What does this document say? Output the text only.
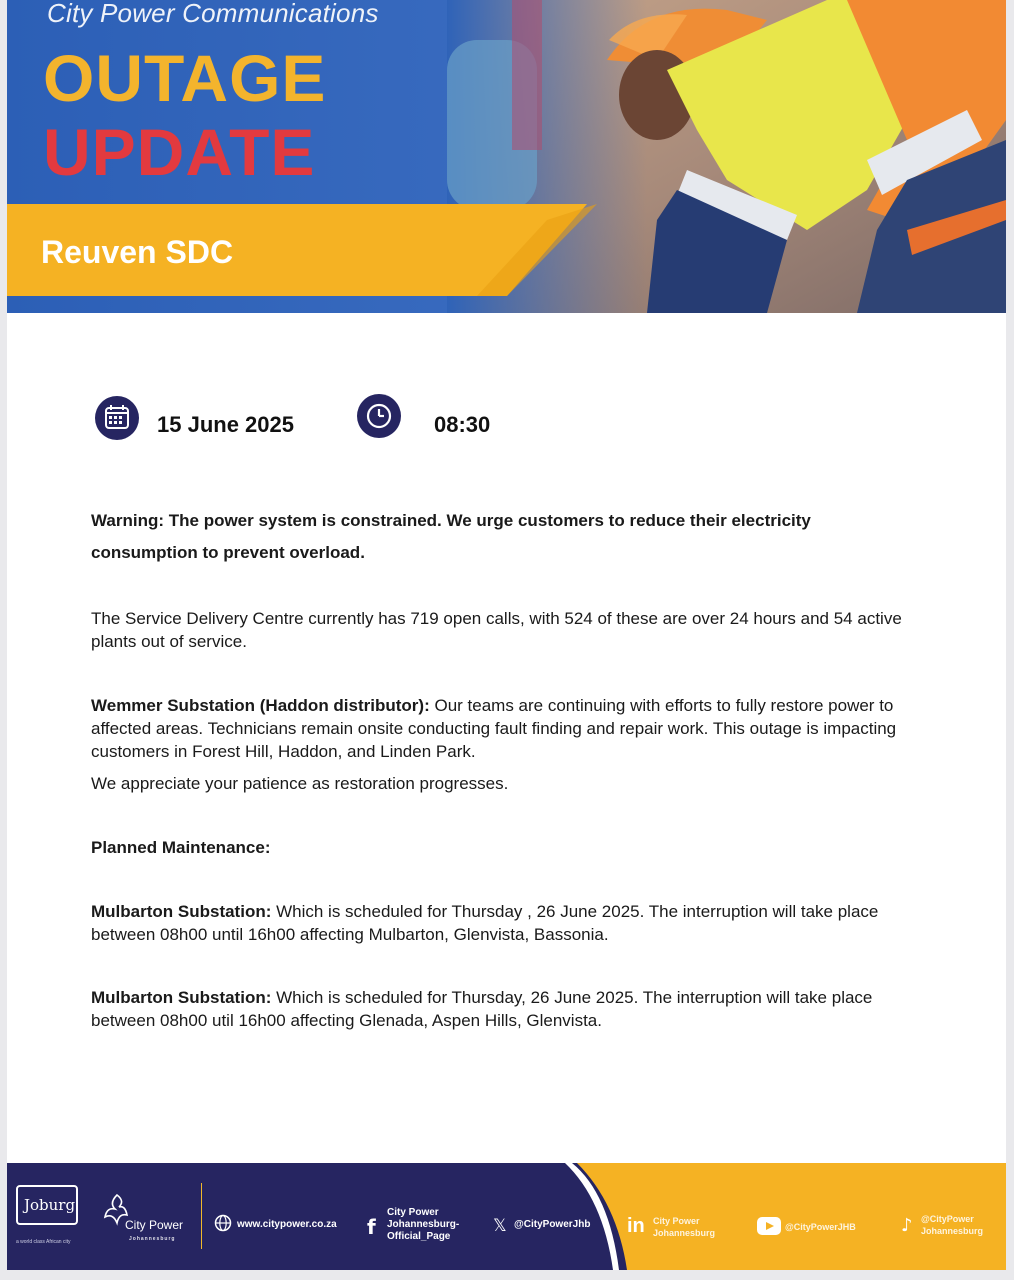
City Power Communications
OUTAGE
UPDATE
Reuven SDC
15 June 2025	08:30
Warning: The power system is constrained. We urge customers to reduce their electricity consumption to prevent overload.
The Service Delivery Centre currently has 719 open calls, with 524 of these are over 24 hours and 54 active plants out of service.
Wemmer Substation (Haddon distributor): Our teams are continuing with efforts to fully restore power to affected areas. Technicians remain onsite conducting fault finding and repair work. This outage is impacting customers in Forest Hill, Haddon, and Linden Park.
We appreciate your patience as restoration progresses.
Planned Maintenance:
Mulbarton Substation: Which is scheduled for Thursday , 26 June 2025. The interruption will take place between 08h00 until 16h00 affecting Mulbarton, Glenvista, Bassonia.
Mulbarton Substation: Which is scheduled for Thursday, 26 June 2025. The interruption will take place between 08h00 util 16h00 affecting Glenada, Aspen Hills, Glenvista.
Joburg
a world class African city
City Power
Johannesburg
www.citypower.co.za f
City Power
Johannesburg-
Official_Page
𝕏 @CityPowerJhb in City Power
Johannesburg
@CityPowerJHB	♪ @CityPower
Johannesburg
